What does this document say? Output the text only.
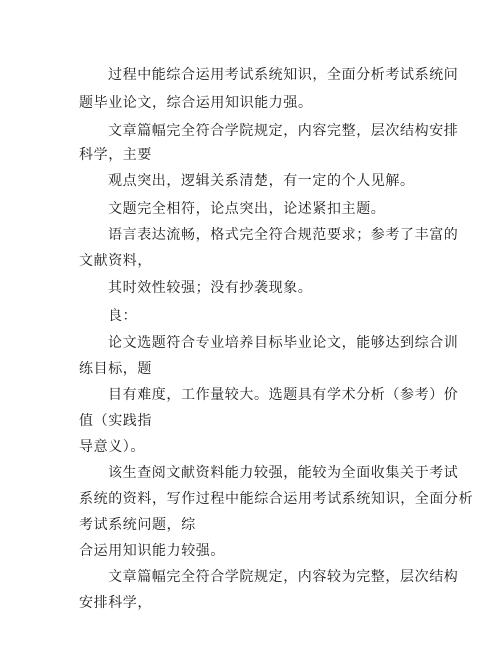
过程中能综合运用考试系统知识，全面分析考试系统问
题毕业论文，综合运用知识能力强。
文章篇幅完全符合学院规定，内容完整，层次结构安排
科学，主要
观点突出，逻辑关系清楚，有一定的个人见解。
文题完全相符，论点突出，论述紧扣主题。
语言表达流畅，格式完全符合规范要求；参考了丰富的
文献资料，
其时效性较强；没有抄袭现象。
良：
论文选题符合专业培养目标毕业论文，能够达到综合训
练目标，题
目有难度，工作量较大。选题具有学术分析（参考）价
值（实践指
导意义）。
该生查阅文献资料能力较强，能较为全面收集关于考试
系统的资料，写作过程中能综合运用考试系统知识，全面分析
考试系统问题，综
合运用知识能力较强。
文章篇幅完全符合学院规定，内容较为完整，层次结构
安排科学，
